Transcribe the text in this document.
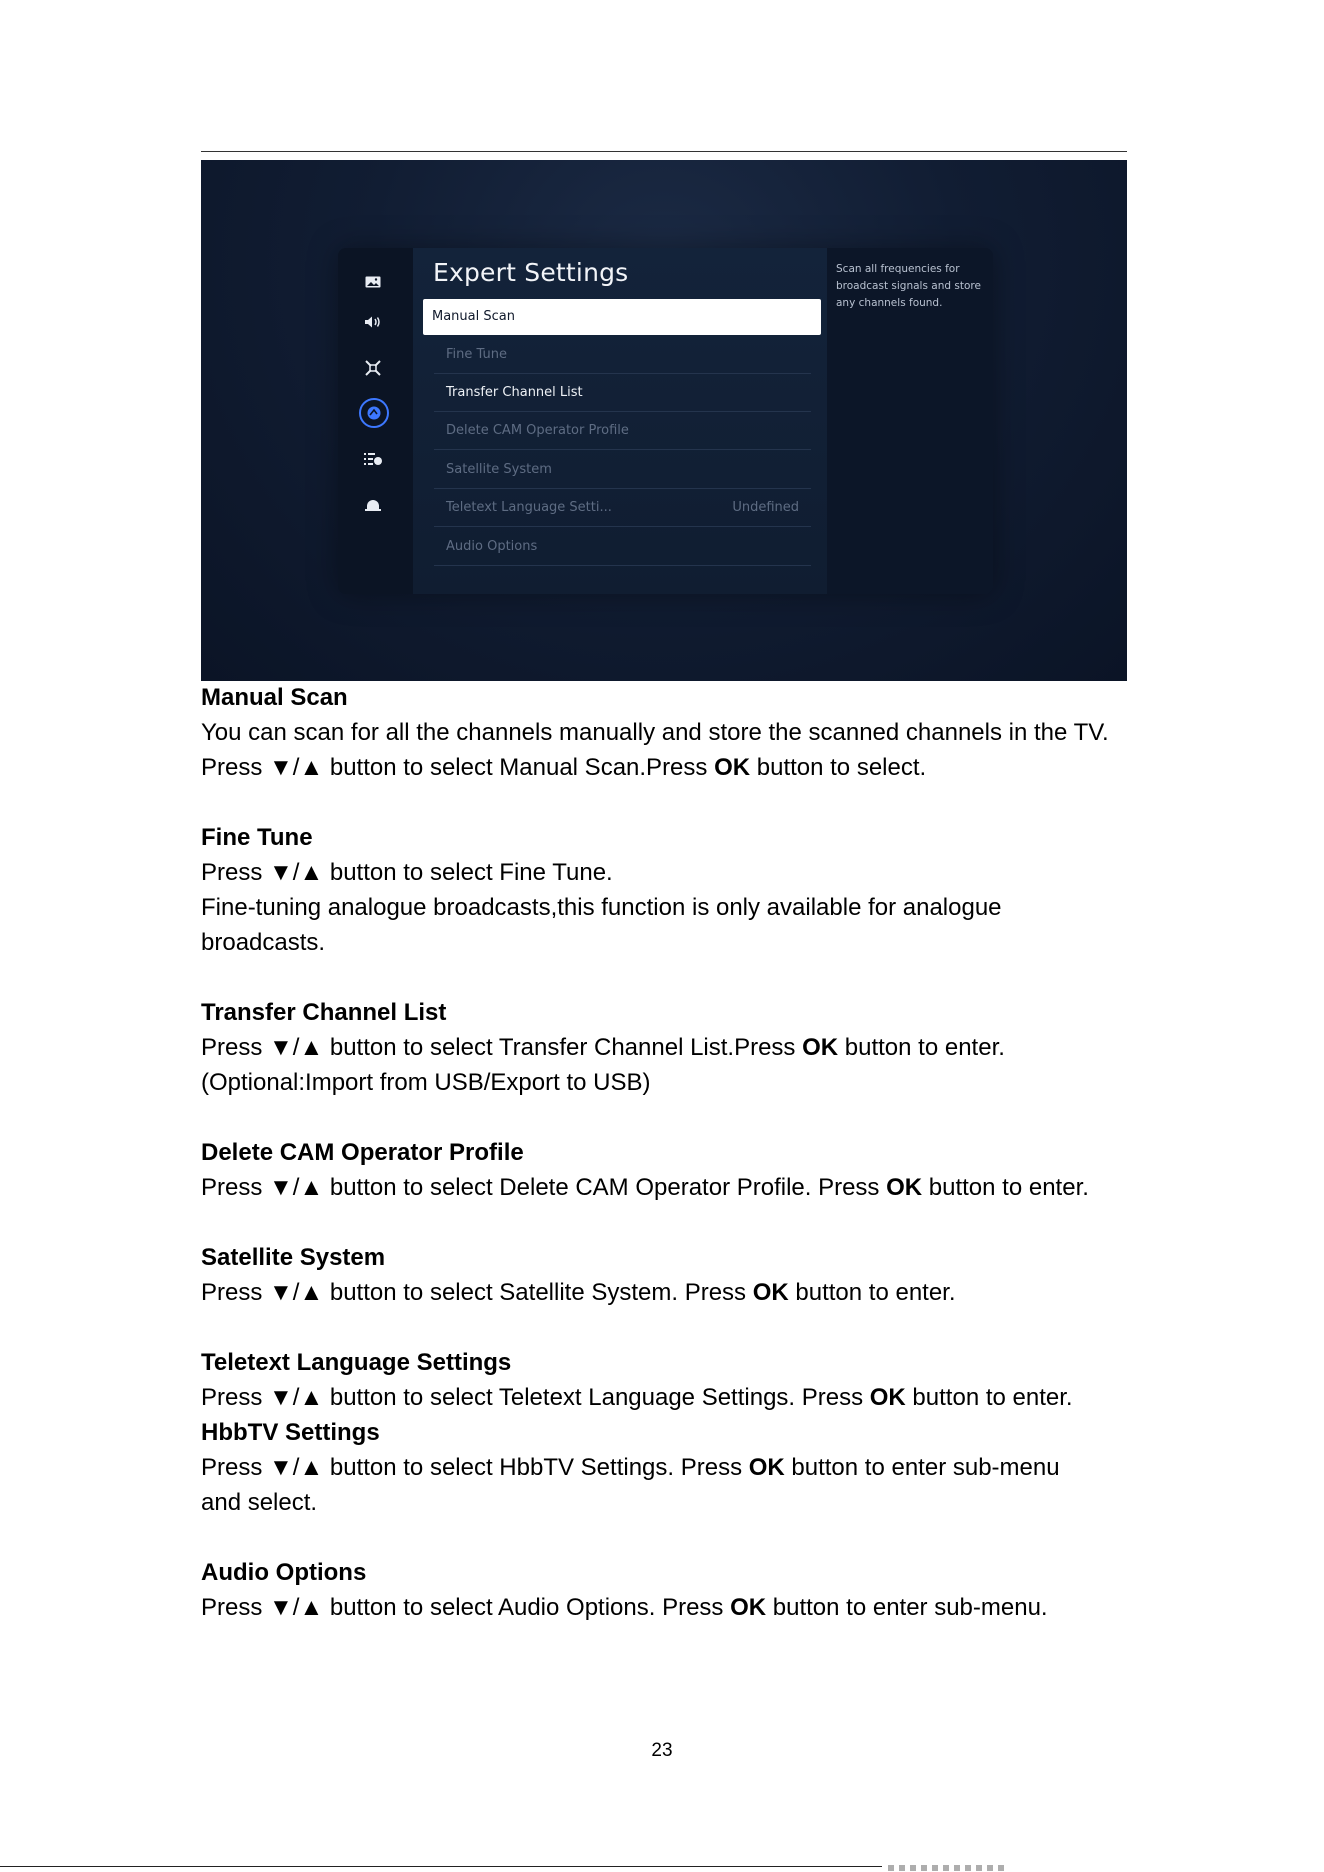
Expert Settings
Manual Scan
Fine Tune
Transfer Channel List
Delete CAM Operator Profile
Satellite System
Teletext Language Setti...	Undefined
Audio Options
Scan all frequencies for broadcast signals and store any channels found.

Manual Scan

You can scan for all the channels manually and store the scanned channels in the TV.

Press ▼/▲ button to select Manual Scan.Press OK button to select.

Fine Tune

Press ▼/▲ button to select Fine Tune.

Fine-tuning analogue broadcasts,this function is only available for analogue

broadcasts.

Transfer Channel List

Press ▼/▲ button to select Transfer Channel List.Press OK button to enter.

(Optional:Import from USB/Export to USB)

Delete CAM Operator Profile

Press ▼/▲ button to select Delete CAM Operator Profile. Press OK button to enter.

Satellite System

Press ▼/▲ button to select Satellite System. Press OK button to enter.

Teletext Language Settings

Press ▼/▲ button to select Teletext Language Settings. Press OK button to enter.

HbbTV Settings

Press ▼/▲ button to select HbbTV Settings. Press OK button to enter sub-menu

and select.

Audio Options

Press ▼/▲ button to select Audio Options. Press OK button to enter sub-menu.

23
